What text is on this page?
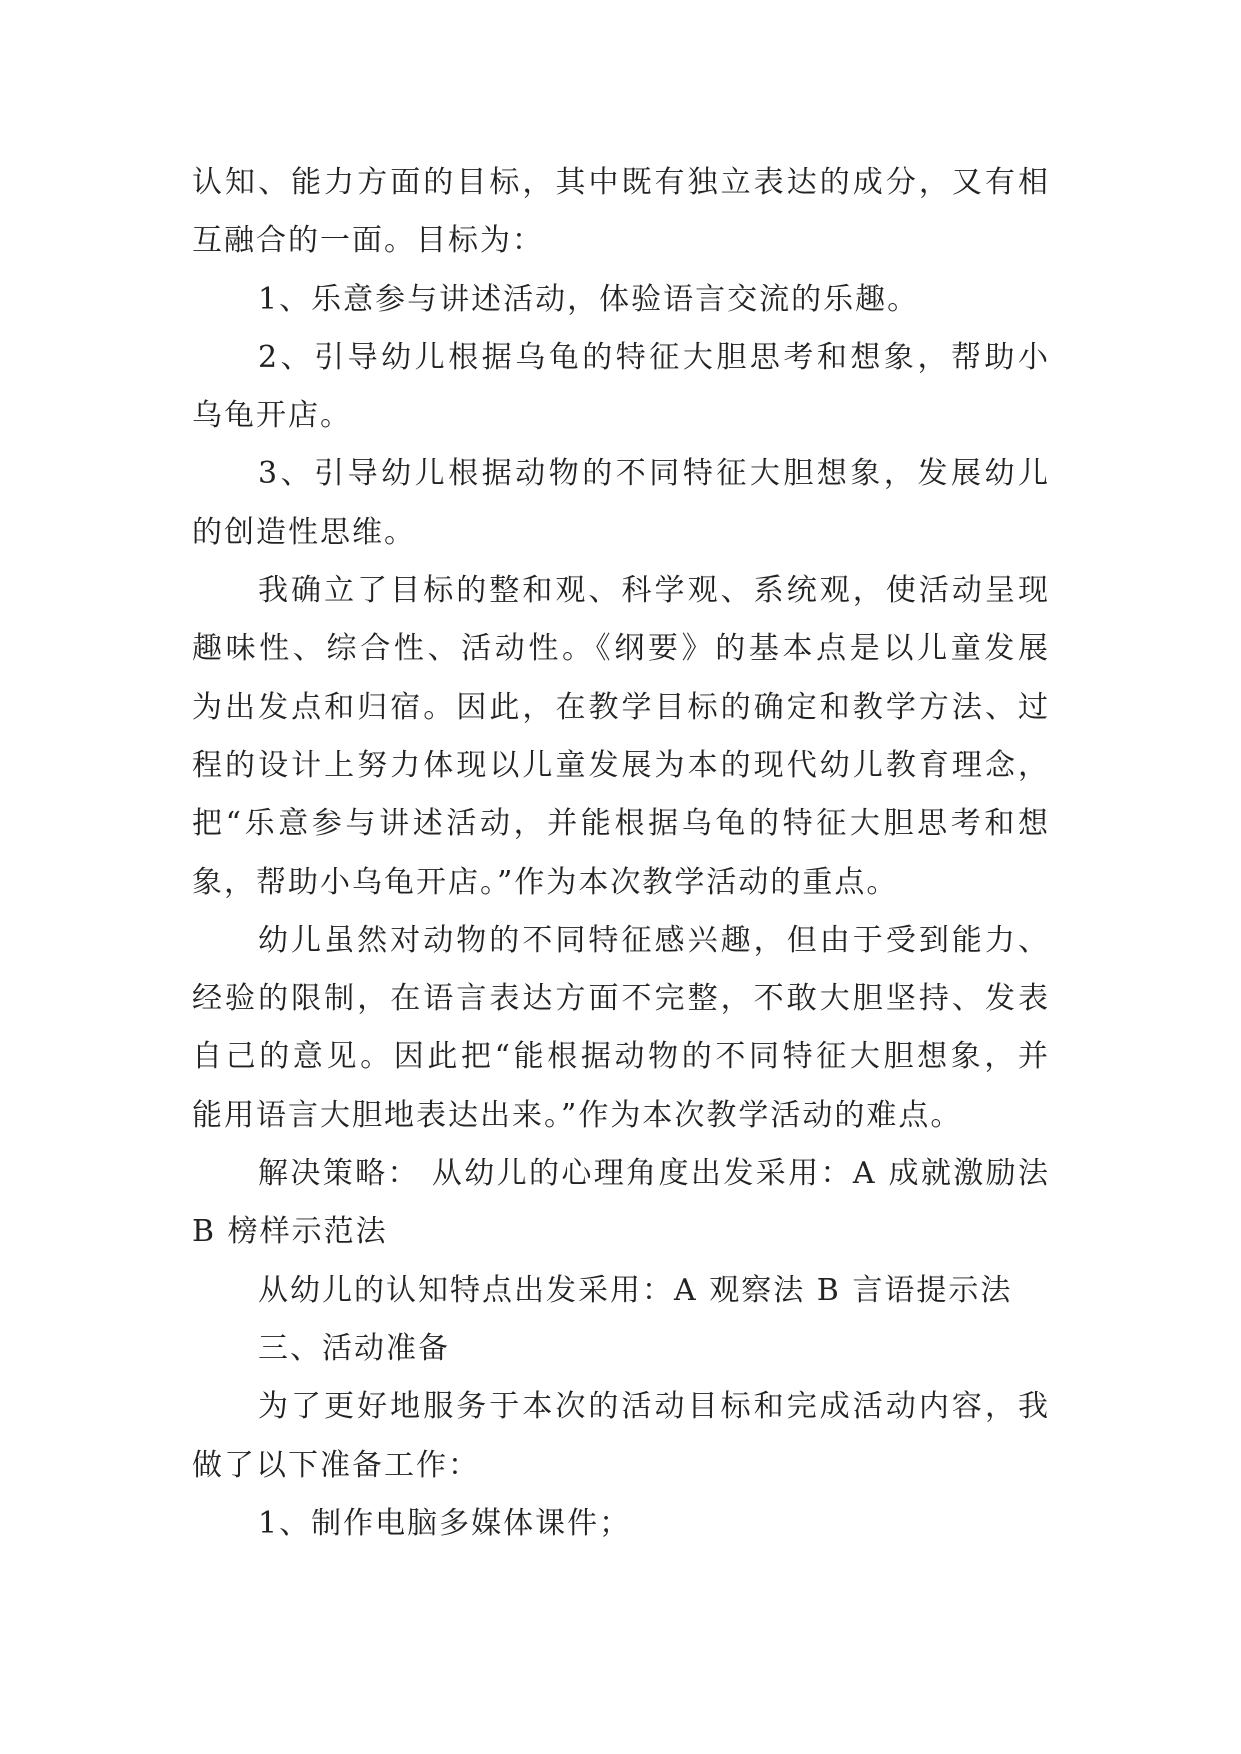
认知、能力方面的目标，其中既有独立表达的成分，又有相
互融合的一面。目标为：
1、乐意参与讲述活动，体验语言交流的乐趣。
2、引导幼儿根据乌龟的特征大胆思考和想象，帮助小
乌龟开店。
3、引导幼儿根据动物的不同特征大胆想象，发展幼儿
的创造性思维。
我确立了目标的整和观、科学观、系统观，使活动呈现
趣味性、综合性、活动性。《纲要》的基本点是以儿童发展
为出发点和归宿。因此，在教学目标的确定和教学方法、过
程的设计上努力体现以儿童发展为本的现代幼儿教育理念，
把“乐意参与讲述活动，并能根据乌龟的特征大胆思考和想
象，帮助小乌龟开店。”作为本次教学活动的重点。
幼儿虽然对动物的不同特征感兴趣，但由于受到能力、
经验的限制，在语言表达方面不完整，不敢大胆坚持、发表
自己的意见。因此把“能根据动物的不同特征大胆想象，并
能用语言大胆地表达出来。”作为本次教学活动的难点。
解决策略： 从幼儿的心理角度出发采用：A 成就激励法
B 榜样示范法
从幼儿的认知特点出发采用：A 观察法 B 言语提示法
三、活动准备
为了更好地服务于本次的活动目标和完成活动内容，我
做了以下准备工作：
1、制作电脑多媒体课件；
